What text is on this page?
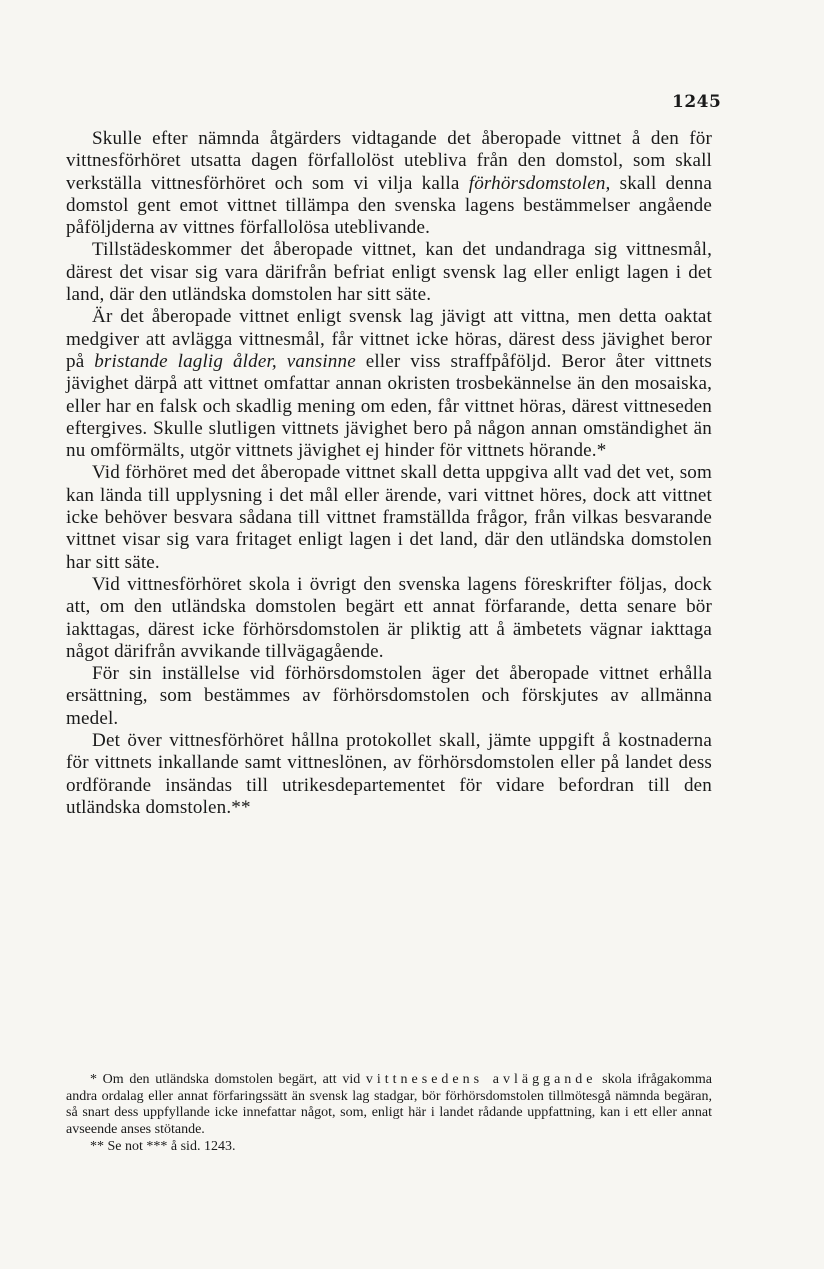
1245

Skulle efter nämnda åtgärders vidtagande det åberopade vittnet å den för vittnesförhöret utsatta dagen förfallolöst utebliva från den domstol, som skall verkställa vittnesförhöret och som vi vilja kalla förhörsdomstolen, skall denna domstol gent emot vittnet tillämpa den svenska lagens bestämmelser angående påföljderna av vittnes förfallolösa uteblivande.

Tillstädeskommer det åberopade vittnet, kan det undandraga sig vittnesmål, därest det visar sig vara därifrån befriat enligt svensk lag eller enligt lagen i det land, där den utländska domstolen har sitt säte.

Är det åberopade vittnet enligt svensk lag jävigt att vittna, men detta oaktat medgiver att avlägga vittnesmål, får vittnet icke höras, därest dess jävighet beror på bristande laglig ålder, vansinne eller viss straffpåföljd. Beror åter vittnets jävighet därpå att vittnet omfattar annan okristen trosbekännelse än den mosaiska, eller har en falsk och skadlig mening om eden, får vittnet höras, därest vittneseden eftergives. Skulle slutligen vittnets jävighet bero på någon annan omständighet än nu omförmälts, utgör vittnets jävighet ej hinder för vittnets hörande.*

Vid förhöret med det åberopade vittnet skall detta uppgiva allt vad det vet, som kan lända till upplysning i det mål eller ärende, vari vittnet höres, dock att vittnet icke behöver besvara sådana till vittnet framställda frågor, från vilkas besvarande vittnet visar sig vara fritaget enligt lagen i det land, där den utländska domstolen har sitt säte.

Vid vittnesförhöret skola i övrigt den svenska lagens föreskrifter följas, dock att, om den utländska domstolen begärt ett annat förfarande, detta senare bör iakttagas, därest icke förhörsdomstolen är pliktig att å ämbetets vägnar iakttaga något därifrån avvikande tillvägagående.

För sin inställelse vid förhörsdomstolen äger det åberopade vittnet erhålla ersättning, som bestämmes av förhörsdomstolen och förskjutes av allmänna medel.

Det över vittnesförhöret hållna protokollet skall, jämte uppgift å kostnaderna för vittnets inkallande samt vittneslönen, av förhörsdomstolen eller på landet dess ordförande insändas till utrikesdepartementet för vidare befordran till den utländska domstolen.**

* Om den utländska domstolen begärt, att vid vittnesedens avläggande skola ifrågakomma andra ordalag eller annat förfaringssätt än svensk lag stadgar, bör förhörsdomstolen tillmötesgå nämnda begäran, så snart dess uppfyllande icke innefattar något, som, enligt här i landet rådande uppfattning, kan i ett eller annat avseende anses stötande.

** Se not *** å sid. 1243.
